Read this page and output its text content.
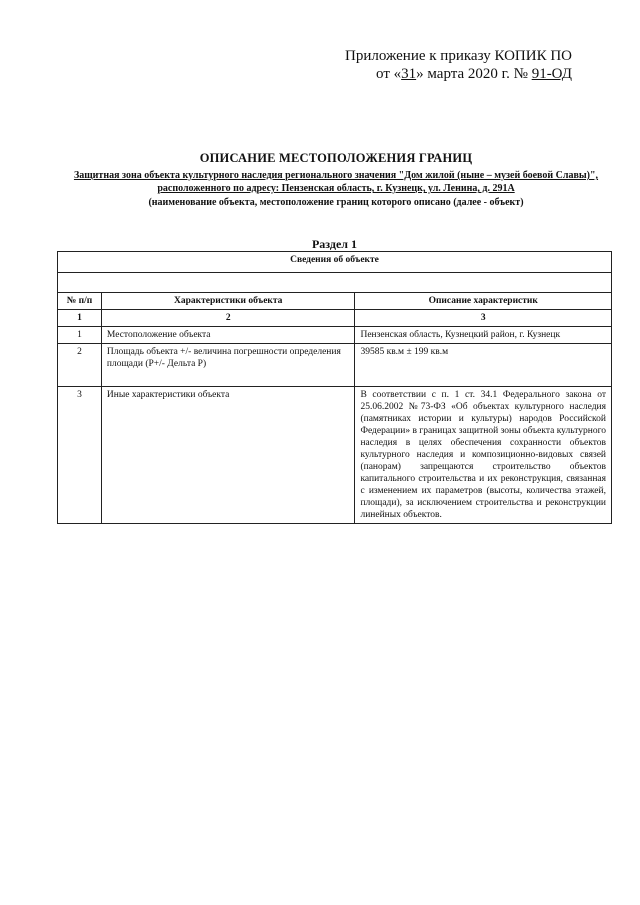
Приложение к приказу КОПИК ПО
от «31» марта 2020 г. № 91-ОД
ОПИСАНИЕ МЕСТОПОЛОЖЕНИЯ ГРАНИЦ
Защитная зона объекта культурного наследия регионального значения "Дом жилой (ныне – музей боевой Славы)", расположенного по адресу: Пензенская область, г. Кузнецк, ул. Ленина, д. 291А
(наименование объекта, местоположение границ которого описано (далее - объект)
Раздел 1
Сведения об объекте		

№ п/п	Характеристики объекта	Описание характеристик
1	2	3
1	Местоположение объекта	Пензенская область, Кузнецкий район, г. Кузнецк
2	Площадь объекта +/- величина погрешности определения площади (Р+/- Дельта Р)	39585 кв.м ± 199 кв.м
3	Иные характеристики объекта	В соответствии с п. 1 ст. 34.1 Федерального закона от 25.06.2002 №73-ФЗ «Об объектах культурного наследия (памятниках истории и культуры) народов Российской Федерации» в границах защитной зоны объекта культурного наследия в целях обеспечения сохранности объектов культурного наследия и композиционно-видовых связей (панорам) запрещаются строительство объектов капитального строительства и их реконструкция, связанная с изменением их параметров (высоты, количества этажей, площади), за исключением строительства и реконструкции линейных объектов.
